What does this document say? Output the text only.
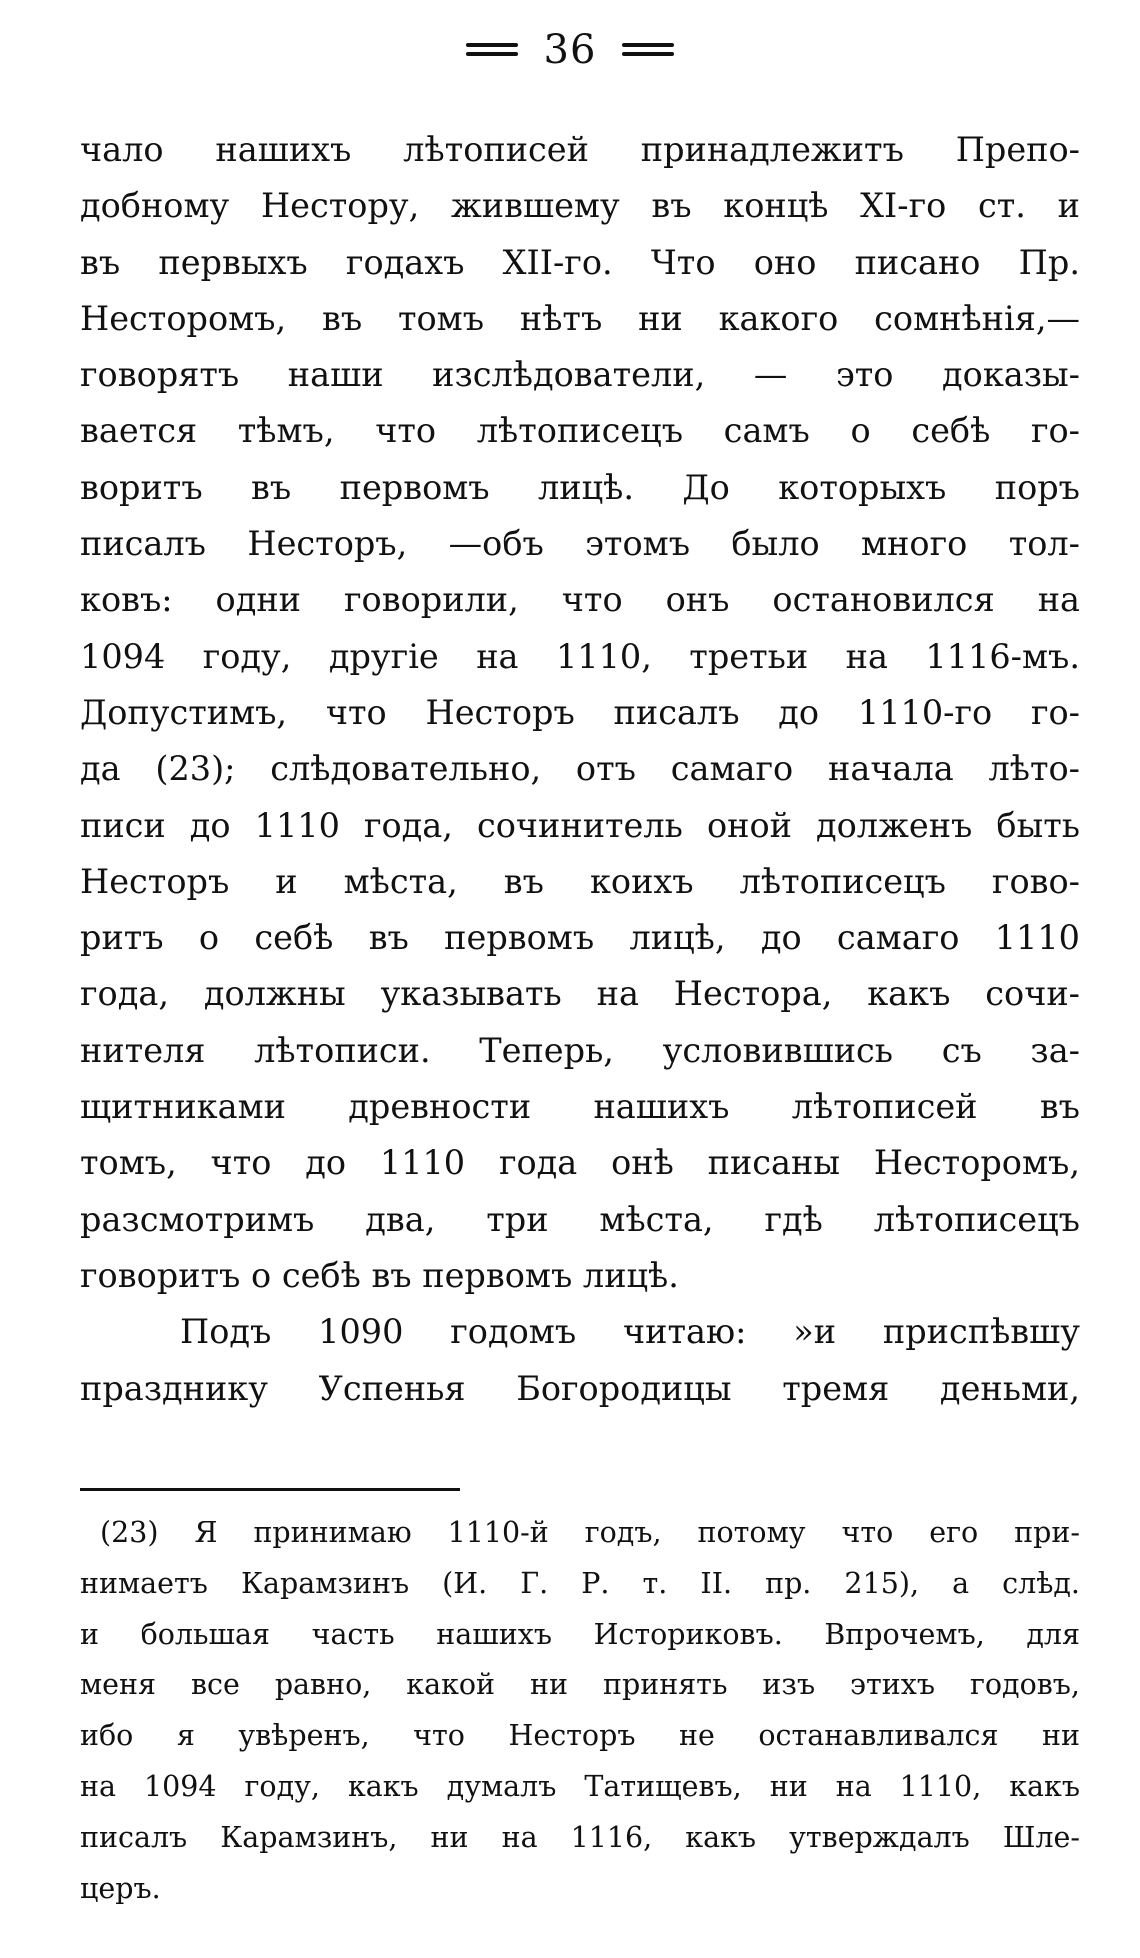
36
чало нашихъ лѣтописей принадлежитъ Препо-
добному Нестору, жившему въ концѣ XI-го ст. и
въ первыхъ годахъ XII-го. Что оно писано Пр.
Несторомъ, въ томъ нѣтъ ни какого сомнѣнія,—
говорятъ наши изслѣдователи, — это доказы-
вается тѣмъ, что лѣтописецъ самъ о себѣ го-
воритъ въ первомъ лицѣ. До которыхъ поръ
писалъ Несторъ, —объ этомъ было много тол-
ковъ: одни говорили, что онъ остановился на
1094 году, другіе на 1110, третьи на 1116-мъ.
Допустимъ, что Несторъ писалъ до 1110-го го-
да (23); слѣдовательно, отъ самаго начала лѣто-
писи до 1110 года, сочинитель оной долженъ быть
Несторъ и мѣста, въ коихъ лѣтописецъ гово-
ритъ о себѣ въ первомъ лицѣ, до самаго 1110
года, должны указывать на Нестора, какъ сочи-
нителя лѣтописи. Теперь, условившись съ за-
щитниками древности нашихъ лѣтописей въ
томъ, что до 1110 года онѣ писаны Несторомъ,
разсмотримъ два, три мѣста, гдѣ лѣтописецъ
говоритъ о себѣ въ первомъ лицѣ.
Подъ 1090 годомъ читаю: »и приспѣвшу
празднику Успенья Богородицы тремя деньми,
(23) Я принимаю 1110-й годъ, потому что его при-
нимаетъ Карамзинъ (И. Г. Р. т. II. пр. 215), а слѣд.
и большая часть нашихъ Историковъ. Впрочемъ, для
меня все равно, какой ни принять изъ этихъ годовъ,
ибо я увѣренъ, что Несторъ не останавливался ни
на 1094 году, какъ думалъ Татищевъ, ни на 1110, какъ
писалъ Карамзинъ, ни на 1116, какъ утверждалъ Шле-
церъ.
